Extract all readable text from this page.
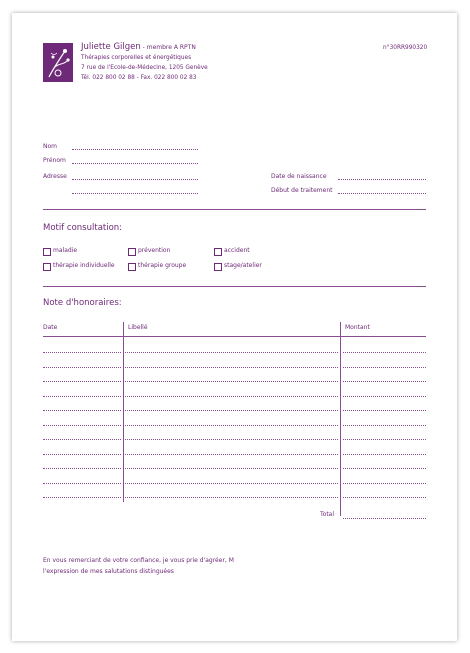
Juliette Gilgen - membre A RPTN
Thérapies corporelles et énergétiques
7 rue de l'Ecole-de-Médecine, 1205 Genève
Tél. 022 800 02 88 - Fax. 022 800 02 83
n°30RR990320
Nom
Prénom
Adresse	Date de naissance
Début de traitement
Motif consultation:
maladie	prévention	accident
thérapie individuelle	thérapie groupe	stage/atelier
Note d'honoraires:
Date	Libellé	Montant
Total
En vous remerciant de votre confiance, je vous prie d'agréer, M
l'expression de mes salutations distinguées
